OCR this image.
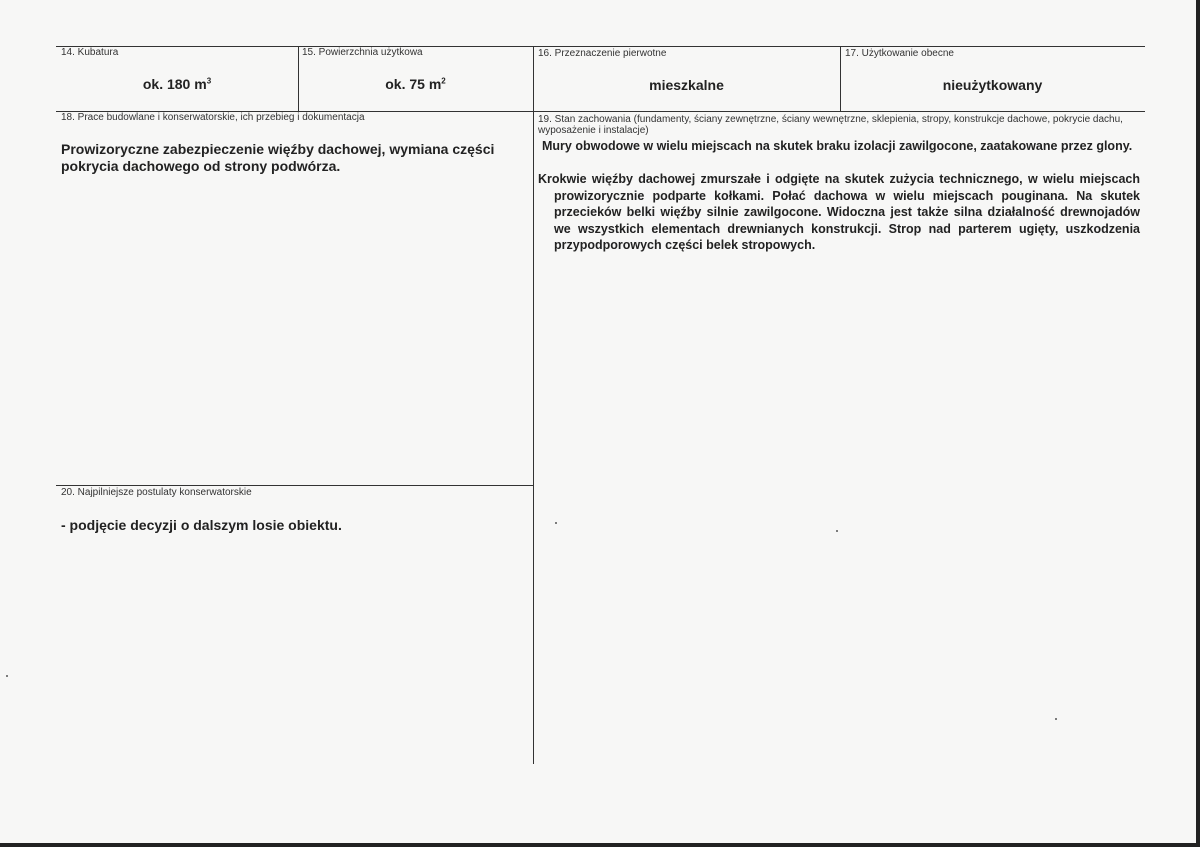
14. Kubatura
ok. 180 $m^3$
15. Powierzchnia użytkowa
ok. 75 $m^2$
16. Przeznaczenie pierwotne
mieszkalne
17. Użytkowanie obecne
nieużytkowany
18. Prace budowlane i konserwatorskie, ich przebieg i dokumentacja
Prowizoryczne zabezpieczenie więźby dachowej, wymiana części pokrycia dachowego od strony podwórza.
19. Stan zachowania (fundamenty, ściany zewnętrzne, ściany wewnętrzne, sklepienia, stropy, konstrukcje dachowe, pokrycie dachu, wyposażenie i instalacje)
Mury obwodowe w wielu miejscach na skutek braku izolacji zawilgocone, zaatakowane przez glony.
Krokwie więźby dachowej zmurszałe i odgięte na skutek zużycia technicznego, w wielu miejscach prowizorycznie podparte kołkami. Połać dachowa w wielu miejscach pouginana. Na skutek przecieków belki więźby silnie zawilgocone. Widoczna jest także silna działalność drewnojadów we wszystkich elementach drewnianych konstrukcji. Strop nad parterem ugięty, uszkodzenia przypodporowych części belek stropowych.
20. Najpilniejsze postulaty konserwatorskie
- podjęcie decyzji o dalszym losie obiektu.
